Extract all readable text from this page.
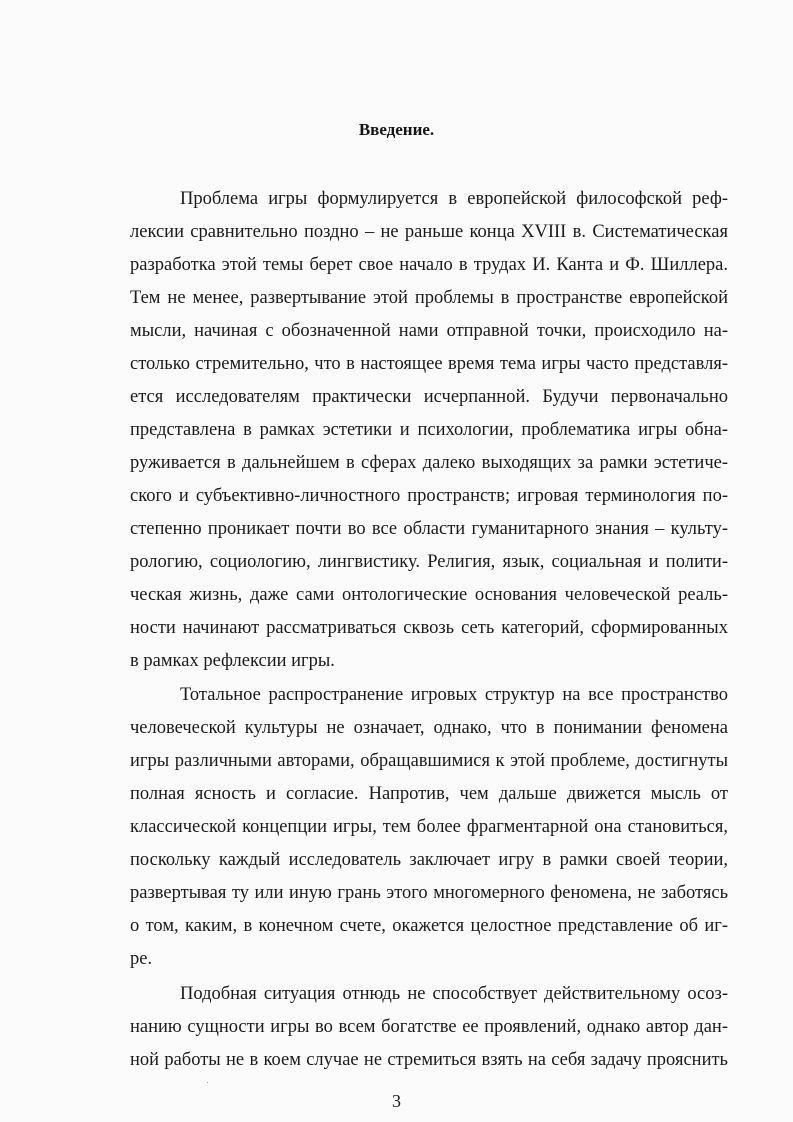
Введение.

Проблема игры формулируется в европейской философской реф-

лексии сравнительно поздно – не раньше конца XVIII в. Систематическая

разработка этой темы берет свое начало в трудах И. Канта и Ф. Шиллера.

Тем не менее, развертывание этой проблемы в пространстве европейской

мысли, начиная с обозначенной нами отправной точки, происходило на-

столько стремительно, что в настоящее время тема игры часто представля-

ется исследователям практически исчерпанной. Будучи первоначально

представлена в рамках эстетики и психологии, проблематика игры обна-

руживается в дальнейшем в сферах далеко выходящих за рамки эстетиче-

ского и субъективно-личностного пространств; игровая терминология по-

степенно проникает почти во все области гуманитарного знания – культу-

рологию, социологию, лингвистику. Религия, язык, социальная и полити-

ческая жизнь, даже сами онтологические основания человеческой реаль-

ности начинают рассматриваться сквозь сеть категорий, сформированных

в рамках рефлексии игры.

Тотальное распространение игровых структур на все пространство

человеческой культуры не означает, однако, что в понимании феномена

игры различными авторами, обращавшимися к этой проблеме, достигнуты

полная ясность и согласие. Напротив, чем дальше движется мысль от

классической концепции игры, тем более фрагментарной она становиться,

поскольку каждый исследователь заключает игру в рамки своей теории,

развертывая ту или иную грань этого многомерного феномена, не заботясь

о том, каким, в конечном счете, окажется целостное представление об иг-

ре.

Подобная ситуация отнюдь не способствует действительному осоз-

нанию сущности игры во всем богатстве ее проявлений, однако автор дан-

ной работы не в коем случае не стремиться взять на себя задачу прояснить

3
